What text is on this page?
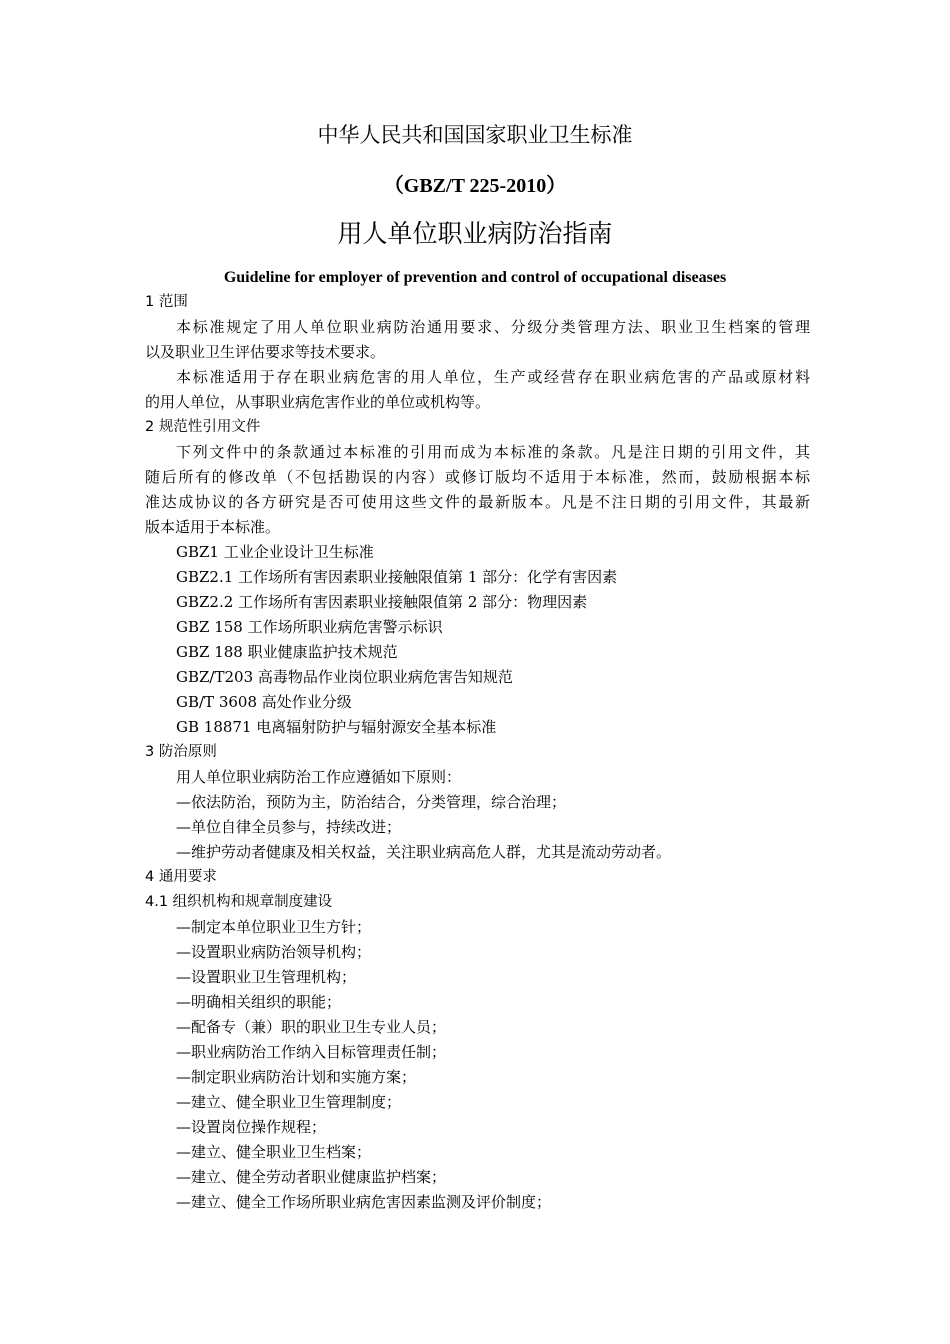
中华人民共和国国家职业卫生标准
（GBZ/T 225-2010）
用人单位职业病防治指南
Guideline for employer of prevention and control of occupational diseases
1 范围
本标准规定了用人单位职业病防治通用要求、分级分类管理方法、职业卫生档案的管理
以及职业卫生评估要求等技术要求。
本标准适用于存在职业病危害的用人单位，生产或经营存在职业病危害的产品或原材料
的用人单位，从事职业病危害作业的单位或机构等。
2 规范性引用文件
下列文件中的条款通过本标准的引用而成为本标准的条款。凡是注日期的引用文件，其
随后所有的修改单（不包括勘误的内容）或修订版均不适用于本标准，然而，鼓励根据本标
准达成协议的各方研究是否可使用这些文件的最新版本。凡是不注日期的引用文件，其最新
版本适用于本标准。
GBZ1 工业企业设计卫生标准
GBZ2.1 工作场所有害因素职业接触限值第 1 部分：化学有害因素
GBZ2.2 工作场所有害因素职业接触限值第 2 部分：物理因素
GBZ 158 工作场所职业病危害警示标识
GBZ 188 职业健康监护技术规范
GBZ/T203 高毒物品作业岗位职业病危害告知规范
GB/T 3608 高处作业分级
GB 18871 电离辐射防护与辐射源安全基本标准
3 防治原则
用人单位职业病防治工作应遵循如下原则：
—依法防治，预防为主，防治结合，分类管理，综合治理；
—单位自律全员参与，持续改进；
—维护劳动者健康及相关权益，关注职业病高危人群，尤其是流动劳动者。
4 通用要求
4.1 组织机构和规章制度建设
—制定本单位职业卫生方针；
—设置职业病防治领导机构；
—设置职业卫生管理机构；
—明确相关组织的职能；
—配备专（兼）职的职业卫生专业人员；
—职业病防治工作纳入目标管理责任制；
—制定职业病防治计划和实施方案；
—建立、健全职业卫生管理制度；
—设置岗位操作规程；
—建立、健全职业卫生档案；
—建立、健全劳动者职业健康监护档案；
—建立、健全工作场所职业病危害因素监测及评价制度；
